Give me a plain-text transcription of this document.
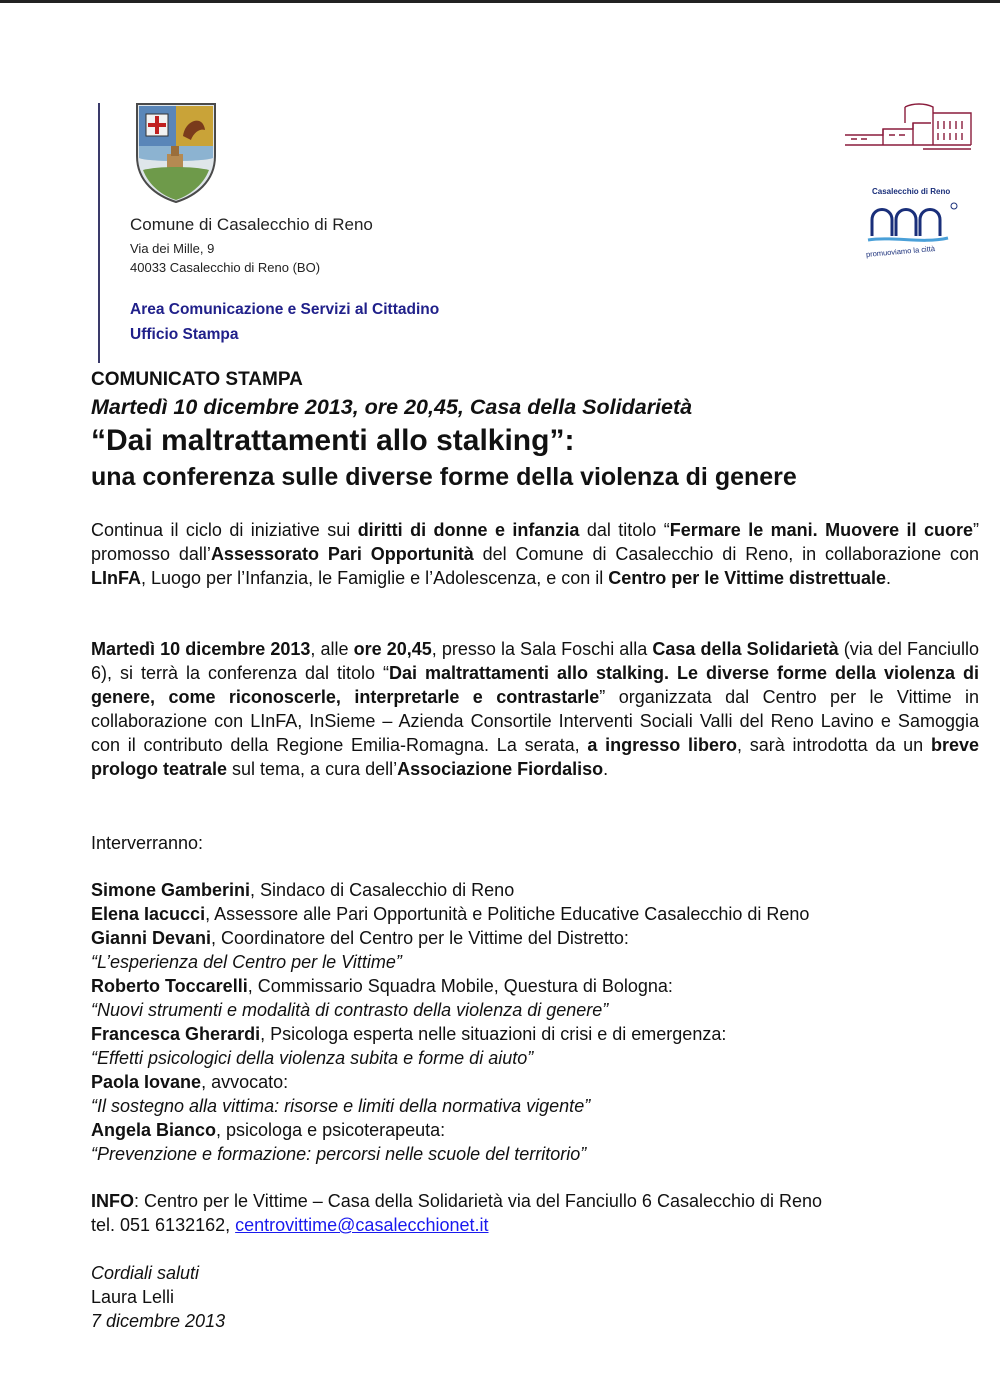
Comune di Casalecchio di Reno
Via dei Mille, 9
40033 Casalecchio di Reno (BO)
Area Comunicazione e Servizi al Cittadino
Ufficio Stampa
Casalecchio di Reno
promuoviamo la città
COMUNICATO STAMPA
Martedì 10 dicembre 2013, ore 20,45, Casa della Solidarietà
“Dai maltrattamenti allo stalking”:
una conferenza sulle diverse forme della violenza di genere
Continua il ciclo di iniziative sui diritti di donne e infanzia dal titolo “Fermare le mani. Muovere il cuore” promosso dall’Assessorato Pari Opportunità del Comune di Casalecchio di Reno, in collaborazione con LInFA, Luogo per l’Infanzia, le Famiglie e l’Adolescenza, e con il Centro per le Vittime distrettuale.
Martedì 10 dicembre 2013, alle ore 20,45, presso la Sala Foschi alla Casa della Solidarietà (via del Fanciullo 6), si terrà la conferenza dal titolo “Dai maltrattamenti allo stalking. Le diverse forme della violenza di genere, come riconoscerle, interpretarle e contrastarle” organizzata dal Centro per le Vittime in collaborazione con LInFA, InSieme – Azienda Consortile Interventi Sociali Valli del Reno Lavino e Samoggia con il contributo della Regione Emilia-Romagna. La serata, a ingresso libero, sarà introdotta da un breve prologo teatrale sul tema, a cura dell’Associazione Fiordaliso.
Interverranno:
Simone Gamberini, Sindaco di Casalecchio di Reno
Elena Iacucci, Assessore alle Pari Opportunità e Politiche Educative Casalecchio di Reno
Gianni Devani, Coordinatore del Centro per le Vittime del Distretto:
“L’esperienza del Centro per le Vittime”
Roberto Toccarelli, Commissario Squadra Mobile, Questura di Bologna:
“Nuovi strumenti e modalità di contrasto della violenza di genere”
Francesca Gherardi, Psicologa esperta nelle situazioni di crisi e di emergenza:
“Effetti psicologici della violenza subita e forme di aiuto”
Paola Iovane, avvocato:
“Il sostegno alla vittima: risorse e limiti della normativa vigente”
Angela Bianco, psicologa e psicoterapeuta:
“Prevenzione e formazione: percorsi nelle scuole del territorio”
INFO: Centro per le Vittime – Casa della Solidarietà via del Fanciullo 6 Casalecchio di Reno
tel. 051 6132162, centrovittime@casalecchionet.it
Cordiali saluti
Laura Lelli
7 dicembre 2013
